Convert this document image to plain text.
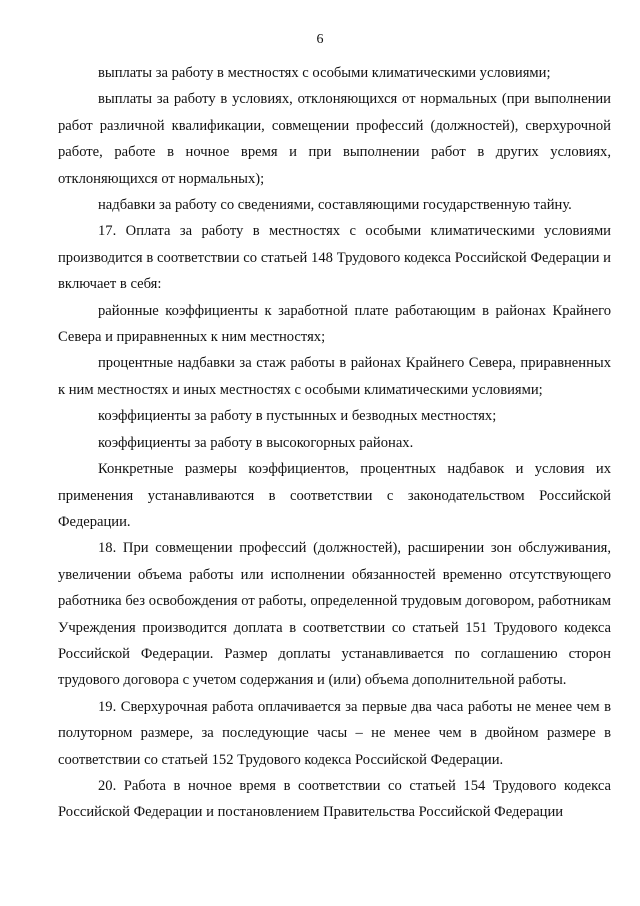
6

выплаты за работу в местностях с особыми климатическими условиями;

выплаты за работу в условиях, отклоняющихся от нормальных (при выполнении работ различной квалификации, совмещении профессий (должностей), сверхурочной работе, работе в ночное время и при выполнении работ в других условиях, отклоняющихся от нормальных);

надбавки за работу со сведениями, составляющими государственную тайну.

17. Оплата за работу в местностях с особыми климатическими условиями производится в соответствии со статьей 148 Трудового кодекса Российской Федерации и включает в себя:

районные коэффициенты к заработной плате работающим в районах Крайнего Севера и приравненных к ним местностях;

процентные надбавки за стаж работы в районах Крайнего Севера, приравненных к ним местностях и иных местностях с особыми климатическими условиями;

коэффициенты за работу в пустынных и безводных местностях;

коэффициенты за работу в высокогорных районах.

Конкретные размеры коэффициентов, процентных надбавок и условия их применения устанавливаются в соответствии с законодательством Российской Федерации.

18. При совмещении профессий (должностей), расширении зон обслуживания, увеличении объема работы или исполнении обязанностей временно отсутствующего работника без освобождения от работы, определенной трудовым договором, работникам Учреждения производится доплата в соответствии со статьей 151 Трудового кодекса Российской Федерации. Размер доплаты устанавливается по соглашению сторон трудового договора с учетом содержания и (или) объема дополнительной работы.

19. Сверхурочная работа оплачивается за первые два часа работы не менее чем в полуторном размере, за последующие часы – не менее чем в двойном размере в соответствии со статьей 152 Трудового кодекса Российской Федерации.

20. Работа в ночное время в соответствии со статьей 154 Трудового кодекса Российской Федерации и постановлением Правительства Российской Федерации
